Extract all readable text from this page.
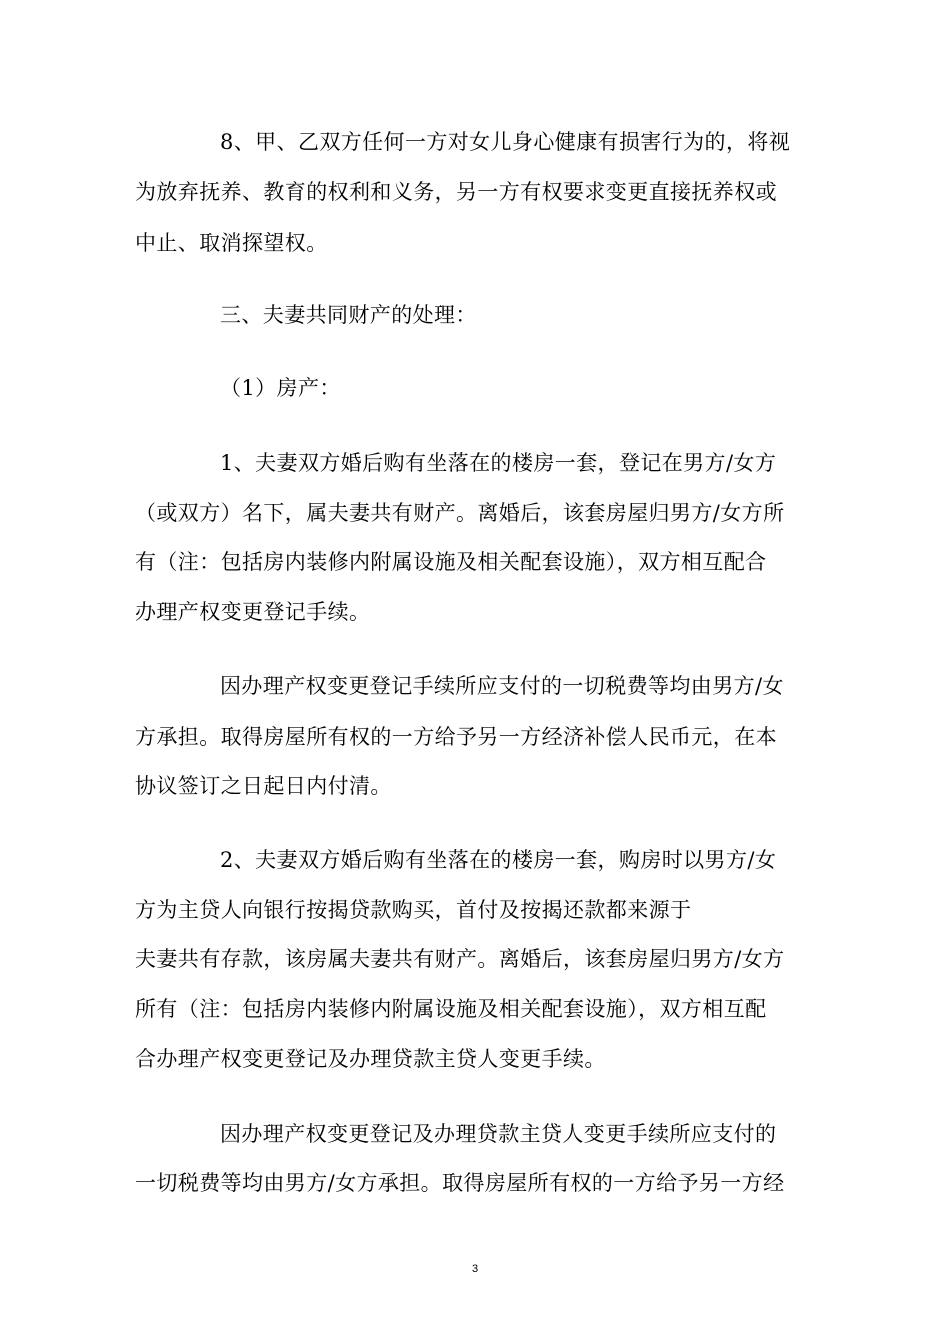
8、甲、乙双方任何一方对女儿身心健康有损害行为的，将视
为放弃抚养、教育的权利和义务，另一方有权要求变更直接抚养权或
中止、取消探望权。
三、夫妻共同财产的处理：
（1）房产：
1、夫妻双方婚后购有坐落在的楼房一套，登记在男方/女方
（或双方）名下，属夫妻共有财产。离婚后，该套房屋归男方/女方所
有（注：包括房内装修内附属设施及相关配套设施），双方相互配合
办理产权变更登记手续。
因办理产权变更登记手续所应支付的一切税费等均由男方/女
方承担。取得房屋所有权的一方给予另一方经济补偿人民币元，在本
协议签订之日起日内付清。
2、夫妻双方婚后购有坐落在的楼房一套，购房时以男方/女
方为主贷人向银行按揭贷款购买，首付及按揭还款都来源于
夫妻共有存款，该房属夫妻共有财产。离婚后，该套房屋归男方/女方
所有（注：包括房内装修内附属设施及相关配套设施），双方相互配
合办理产权变更登记及办理贷款主贷人变更手续。
因办理产权变更登记及办理贷款主贷人变更手续所应支付的
一切税费等均由男方/女方承担。取得房屋所有权的一方给予另一方经
3
